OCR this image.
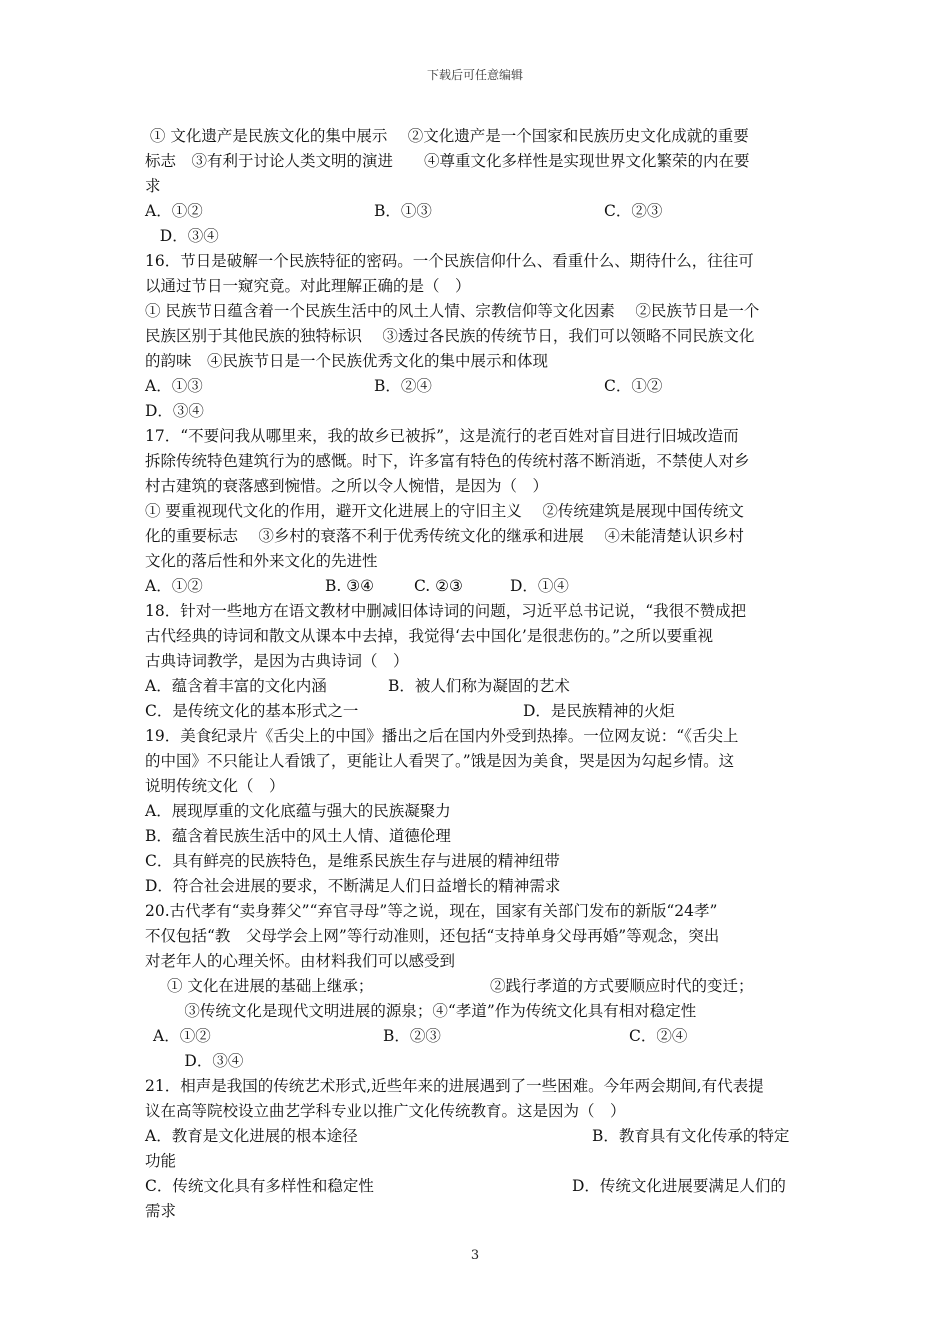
下载后可任意编辑
① 文化遗产是民族文化的集中展示　 ②文化遗产是一个国家和民族历史文化成就的重要
标志　③有利于讨论人类文明的演进　　④尊重文化多样性是实现世界文化繁荣的内在要
求
A．①②	B．①③	C．②③
D．③④
16．节日是破解一个民族特征的密码。一个民族信仰什么、看重什么、期待什么，往往可
以通过节日一窥究竟。对此理解正确的是（　）
① 民族节日蕴含着一个民族生活中的风土人情、宗教信仰等文化因素　 ②民族节日是一个
民族区别于其他民族的独特标识　 ③透过各民族的传统节日，我们可以领略不同民族文化
的韵味　④民族节日是一个民族优秀文化的集中展示和体现
A．①③	B．②④	C．①②
D．③④
17．“不要问我从哪里来，我的故乡已被拆”，这是流行的老百姓对盲目进行旧城改造而
拆除传统特色建筑行为的感慨。时下，许多富有特色的传统村落不断消逝，不禁使人对乡
村古建筑的衰落感到惋惜。之所以令人惋惜，是因为（　）
① 要重视现代文化的作用，避开文化进展上的守旧主义　 ②传统建筑是展现中国传统文
化的重要标志　 ③乡村的衰落不利于优秀传统文化的继承和进展　 ④未能清楚认识乡村
文化的落后性和外来文化的先进性
A．①②	B. ③④	C. ②③	D．①④
18．针对一些地方在语文教材中删减旧体诗词的问题，习近平总书记说，“我很不赞成把
古代经典的诗词和散文从课本中去掉，我觉得‘去中国化’是很悲伤的。”之所以要重视
古典诗词教学，是因为古典诗词（　）
A．蕴含着丰富的文化内涵	B．被人们称为凝固的艺术
C．是传统文化的基本形式之一	D．是民族精神的火炬
19．美食纪录片《舌尖上的中国》播出之后在国内外受到热捧。一位网友说：“《舌尖上
的中国》不只能让人看饿了，更能让人看哭了。”饿是因为美食，哭是因为勾起乡情。这
说明传统文化（　）
A．展现厚重的文化底蕴与强大的民族凝聚力
B．蕴含着民族生活中的风土人情、道德伦理
C．具有鲜亮的民族特色，是维系民族生存与进展的精神纽带
D．符合社会进展的要求，不断满足人们日益增长的精神需求
20.古代孝有“卖身葬父”“弃官寻母”等之说，现在，国家有关部门发布的新版“24孝”
不仅包括“教　父母学会上网”等行动准则，还包括“支持单身父母再婚”等观念，突出
对老年人的心理关怀。由材料我们可以感受到
① 文化在进展的基础上继承；	②践行孝道的方式要顺应时代的变迁；
③传统文化是现代文明进展的源泉；④“孝道”作为传统文化具有相对稳定性
A．①②	B．②③	C．②④
D．③④
21．相声是我国的传统艺术形式,近些年来的进展遇到了一些困难。今年两会期间,有代表提
议在高等院校设立曲艺学科专业以推广文化传统教育。这是因为（　）
A．教育是文化进展的根本途径	B．教育具有文化传承的特定
功能
C．传统文化具有多样性和稳定性	D．传统文化进展要满足人们的
需求
3
